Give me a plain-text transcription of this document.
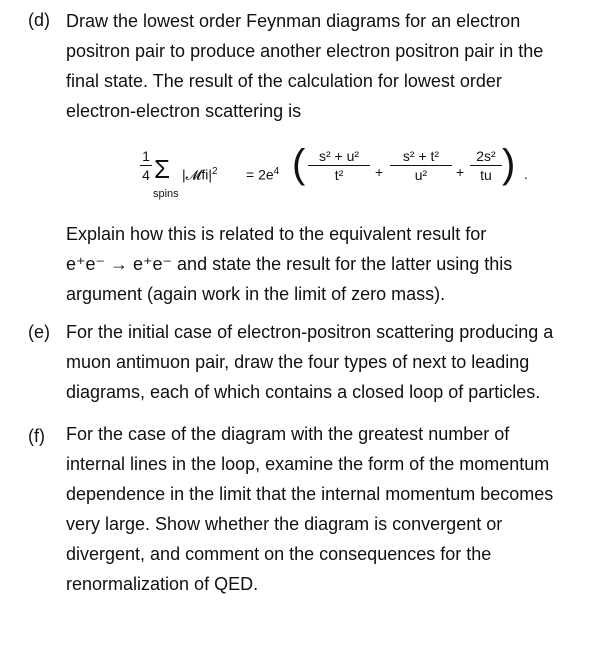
(d) Draw the lowest order Feynman diagrams for an electron
positron pair to produce another electron positron pair in the
final state. The result of the calculation for lowest order
electron-electron scattering is
1
4 Σ
spins
$|𝓜fi|^2 = 2e^4$ ( s² + u²
t²	+
s² + t²
u²	+
2s²
tu ) .
Explain how this is related to the equivalent result for
e⁺e⁻ → e⁺e⁻ and state the result for the latter using this
argument (again work in the limit of zero mass).
(e) For the initial case of electron-positron scattering producing a
muon antimuon pair, draw the four types of next to leading
diagrams, each of which contains a closed loop of particles.
(f) For the case of the diagram with the greatest number of
internal lines in the loop, examine the form of the momentum
dependence in the limit that the internal momentum becomes
very large. Show whether the diagram is convergent or
divergent, and comment on the consequences for the
renormalization of QED.
